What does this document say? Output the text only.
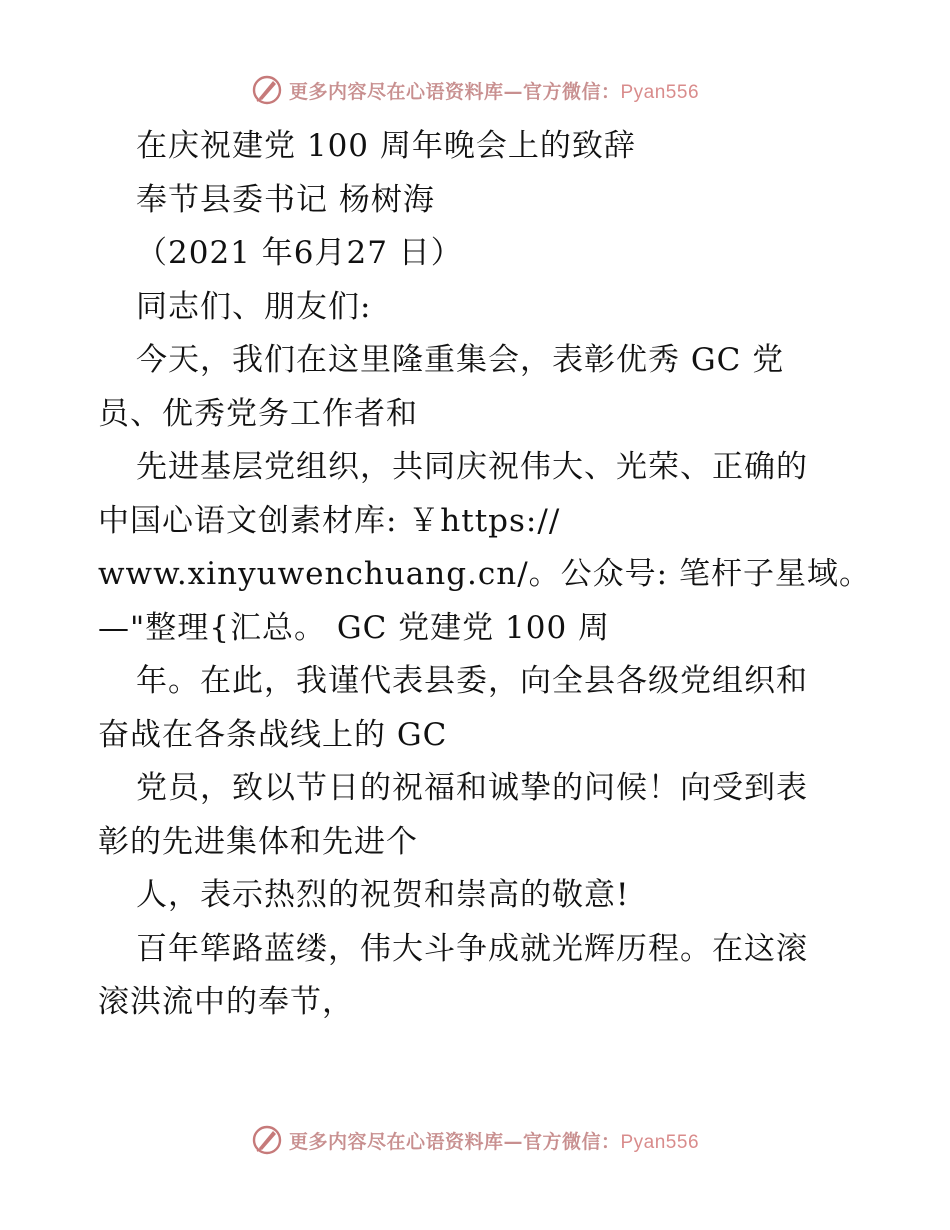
更多内容尽在心语资料库—官方微信：Pyan556
在庆祝建党 100 周年晚会上的致辞
奉节县委书记 杨树海
（2021 年6月27 日）
同志们、朋友们:
今天，我们在这里隆重集会，表彰优秀 GC 党
员、优秀党务工作者和
先进基层党组织，共同庆祝伟大、光荣、正确的
中国心语文创素材库: ￥https://
www.xinyuwenchuang.cn/。公众号: 笔杆子星域。
—"整理{汇总。 GC 党建党 100 周
年。在此，我谨代表县委，向全县各级党组织和
奋战在各条战线上的 GC
党员，致以节日的祝福和诚挚的问候！向受到表
彰的先进集体和先进个
人，表示热烈的祝贺和崇高的敬意!
百年筚路蓝缕，伟大斗争成就光辉历程。在这滚
滚洪流中的奉节，
更多内容尽在心语资料库—官方微信：Pyan556
